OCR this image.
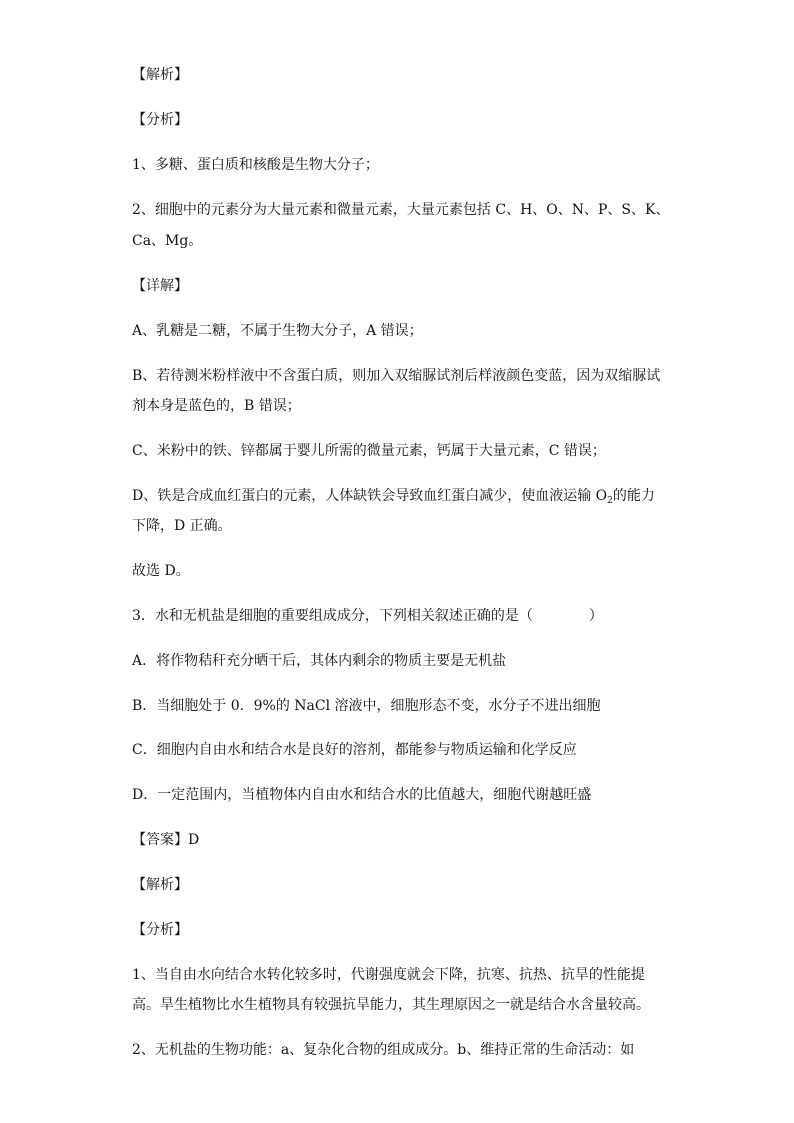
【解析】

【分析】

1、多糖、蛋白质和核酸是生物大分子；

2、细胞中的元素分为大量元素和微量元素，大量元素包括 C、H、O、N、P、S、K、

Ca、Mg。

【详解】

A、乳糖是二糖，不属于生物大分子，A 错误；

B、若待测米粉样液中不含蛋白质，则加入双缩脲试剂后样液颜色变蓝，因为双缩脲试

剂本身是蓝色的，B 错误；

C、米粉中的铁、锌都属于婴儿所需的微量元素，钙属于大量元素，C 错误；

D、铁是合成血红蛋白的元素，人体缺铁会导致血红蛋白减少，使血液运输 $O_2$的能力

下降，D 正确。

故选 D。

3．水和无机盐是细胞的重要组成成分，下列相关叙述正确的是（　　　　）

A．将作物秸秆充分晒干后，其体内剩余的物质主要是无机盐

B．当细胞处于 0．9%的 NaCl 溶液中，细胞形态不变，水分子不进出细胞

C．细胞内自由水和结合水是良好的溶剂，都能参与物质运输和化学反应

D．一定范围内，当植物体内自由水和结合水的比值越大，细胞代谢越旺盛

【答案】D

【解析】

【分析】

1、当自由水向结合水转化较多时，代谢强度就会下降，抗寒、抗热、抗旱的性能提

高。旱生植物比水生植物具有较强抗旱能力，其生理原因之一就是结合水含量较高。

2、无机盐的生物功能：a、复杂化合物的组成成分。b、维持正常的生命活动：如
